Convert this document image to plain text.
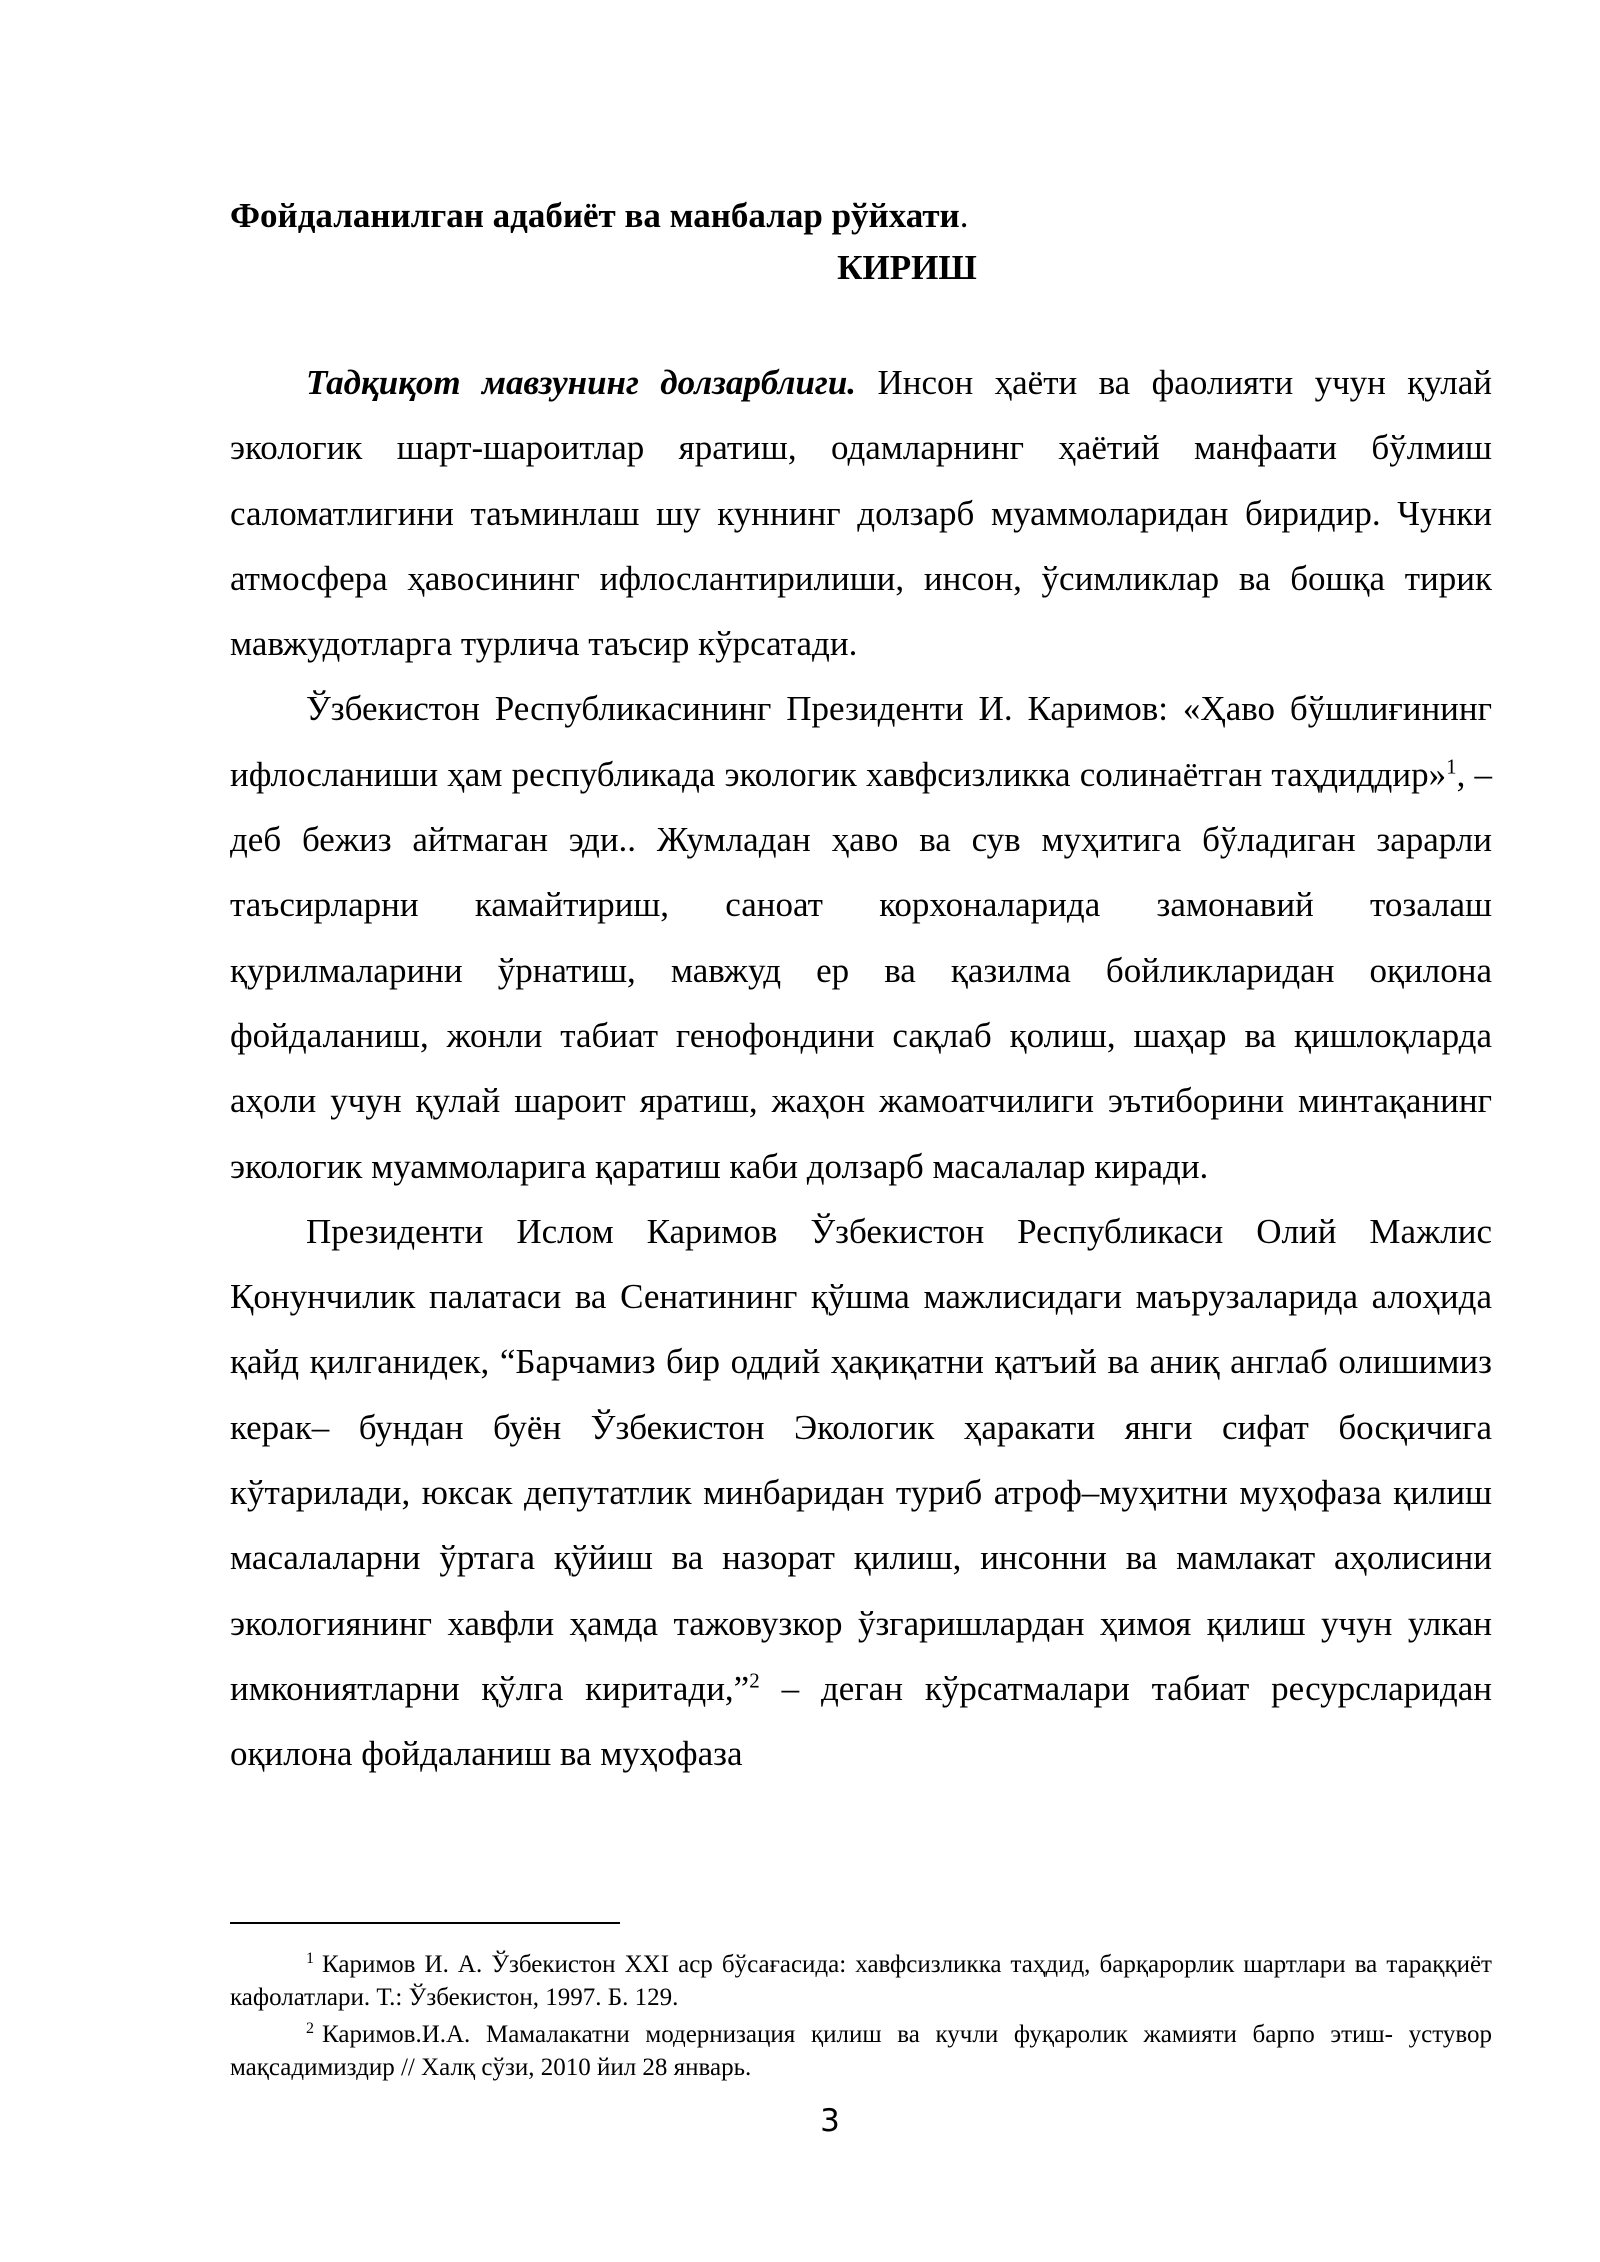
Фойдаланилган адабиёт ва манбалар рўйхати.
КИРИШ

Тадқиқот мавзунинг долзарблиги. Инсон ҳаёти ва фаолияти учун қулай экологик шарт-шароитлар яратиш, одамларнинг ҳаётий манфаати бўлмиш саломатлигини таъминлаш шу куннинг долзарб муаммоларидан биридир. Чунки атмосфера ҳавосининг ифлослантирилиши, инсон, ўсимликлар ва бошқа тирик мавжудотларга турлича таъсир кўрсатади.

Ўзбекистон Республикасининг Президенти И. Каримов: «Ҳаво бўшлиғининг ифлосланиши ҳам республикада экологик хавфсизликка солинаётган таҳдиддир»$^1$, – деб бежиз айтмаган эди.. Жумладан ҳаво ва сув муҳитига бўладиган зарарли таъсирларни камайтириш, саноат корхоналарида замонавий тозалаш қурилмаларини ўрнатиш, мавжуд ер ва қазилма бойликларидан оқилона фойдаланиш, жонли табиат генофондини сақлаб қолиш, шаҳар ва қишлоқларда аҳоли учун қулай шароит яратиш, жаҳон жамоатчилиги эътиборини минтақанинг экологик муаммоларига қаратиш каби долзарб масалалар киради.

Президенти Ислом Каримов Ўзбекистон Республикаси Олий Мажлис Қонунчилик палатаси ва Сенатининг қўшма мажлисидаги маърузаларида алоҳида қайд қилганидек, “Барчамиз бир оддий ҳақиқатни қатъий ва аниқ англаб олишимиз керак– бундан буён Ўзбекистон Экологик ҳаракати янги сифат босқичига кўтарилади, юксак депутатлик минбаридан туриб атроф–муҳитни муҳофаза қилиш масалаларни ўртага қўйиш ва назорат қилиш, инсонни ва мамлакат аҳолисини экологиянинг хавфли ҳамда тажовузкор ўзгаришлардан ҳимоя қилиш учун улкан имкониятларни қўлга киритади,”$^2$ – деган кўрсатмалари табиат ресурсларидан оқилона фойдаланиш ва муҳофаза

$^1$ Каримов И. А. Ўзбекистон XXI аср бўсағасида: хавфсизликка таҳдид, барқарорлик шартлари ва тараққиёт кафолатлари. Т.: Ўзбекистон, 1997. Б. 129.

$^2$ Каримов.И.А. Мамалакатни модернизация қилиш ва кучли фуқаролик жамияти барпо этиш- устувор мақсадимиздир // Халқ сўзи, 2010 йил 28 январь.

3
